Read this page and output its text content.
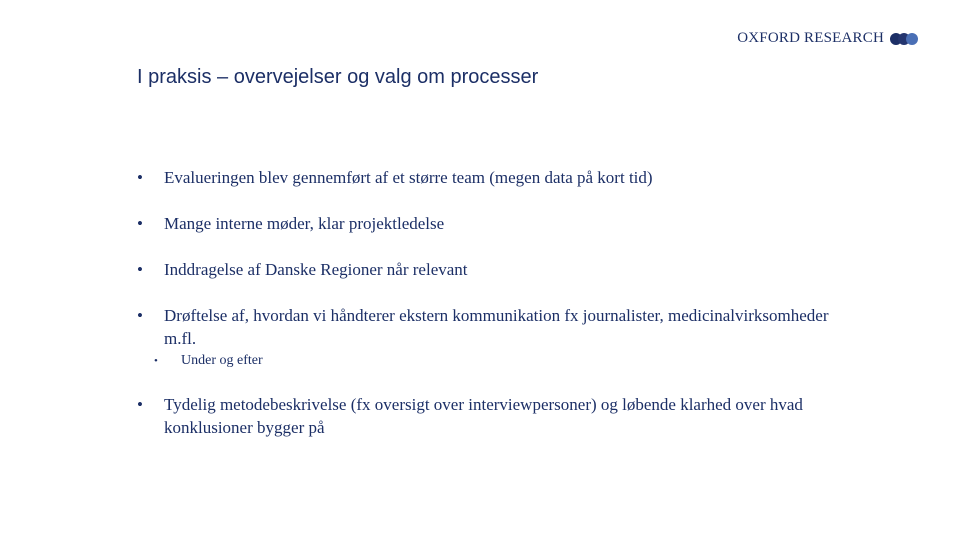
OXFORD RESEARCH
I praksis – overvejelser og valg om processer
•	Evalueringen blev gennemført af et større team (megen data på kort tid)
•	Mange interne møder, klar projektledelse
•	Inddragelse af Danske Regioner når relevant
•	Drøftelse af, hvordan vi håndterer ekstern kommunikation fx journalister, medicinalvirksomheder m.fl.
•	Under og efter
•	Tydelig metodebeskrivelse (fx oversigt over interviewpersoner) og løbende klarhed over hvad konklusioner bygger på
